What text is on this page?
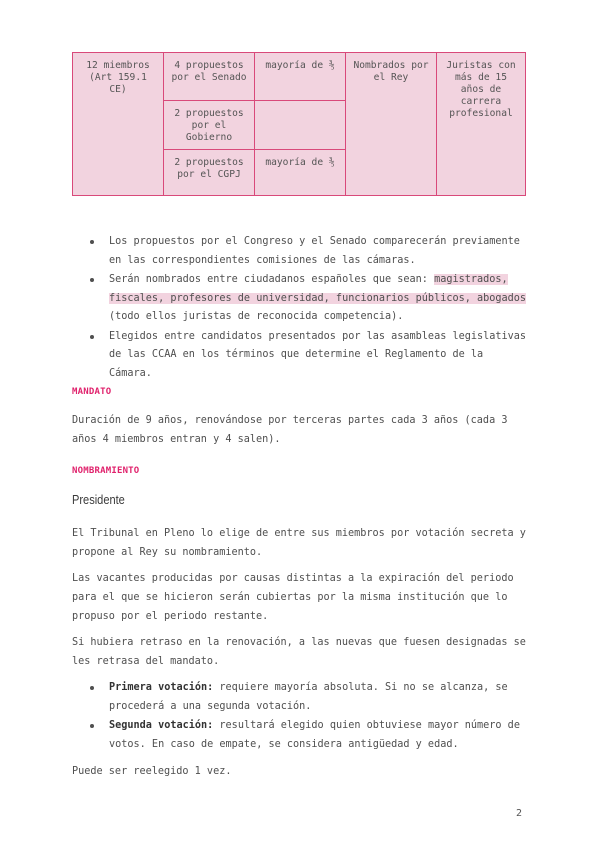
12 miembros (Art 159.1 CE)	4 propuestos por el Senado	mayoría de ⅗	Nombrados por el Rey	Juristas con más de 15 años de carrera profesional
	2 propuestos por el Gobierno			
	2 propuestos por el CGPJ	mayoría de ⅗		
Los propuestos por el Congreso y el Senado comparecerán previamente en las correspondientes comisiones de las cámaras.
Serán nombrados entre ciudadanos españoles que sean: magistrados, fiscales, profesores de universidad, funcionarios públicos, abogados (todo ellos juristas de reconocida competencia).
Elegidos entre candidatos presentados por las asambleas legislativas de las CCAA en los términos que determine el Reglamento de la Cámara.
MANDATO
Duración de 9 años, renovándose por terceras partes cada 3 años (cada 3 años 4 miembros entran y 4 salen).
NOMBRAMIENTO
Presidente
El Tribunal en Pleno lo elige de entre sus miembros por votación secreta y propone al Rey su nombramiento.
Las vacantes producidas por causas distintas a la expiración del periodo para el que se hicieron serán cubiertas por la misma institución que lo propuso por el periodo restante.
Si hubiera retraso en la renovación, a las nuevas que fuesen designadas se les retrasa del mandato.
Primera votación: requiere mayoría absoluta. Si no se alcanza, se procederá a una segunda votación.
Segunda votación: resultará elegido quien obtuviese mayor número de votos. En caso de empate, se considera antigüedad y edad.
Puede ser reelegido 1 vez.
2
